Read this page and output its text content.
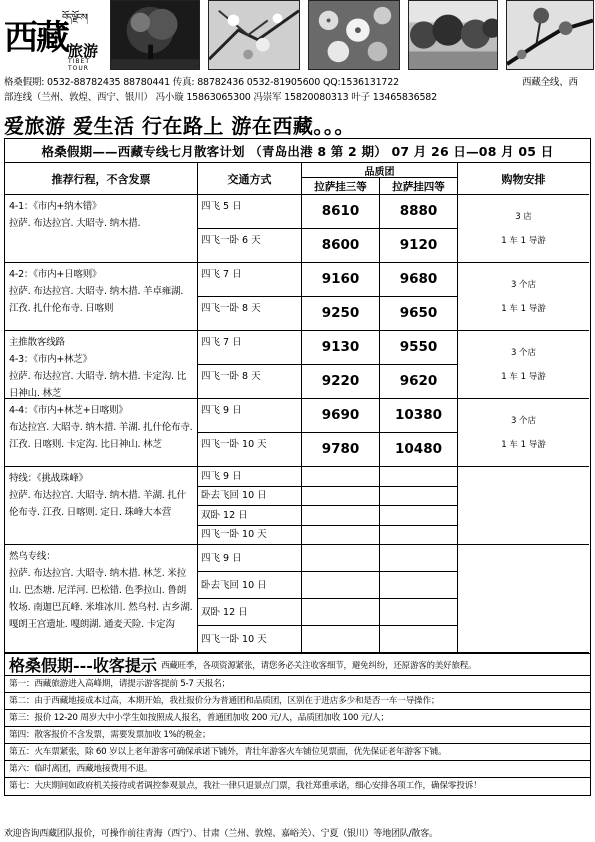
西藏
བོད་ལྗོངས།
旅游
TIBET TOUR
格桑假期: 0532-88782435 88780441 传真: 88782436 0532-81905600 QQ:1536131722	西藏全线、西
部连线（兰州、敦煌、西宁、银川） 冯小璇 15863065300 冯崇军 15820080313 叶子 13465836582
爱旅游 爱生活 行在路上 游在西藏。。。
格桑假期——西藏专线七月散客计划 （青岛出港 8 第 2 期） 07 月 26 日—08 月 05 日
推荐行程，不含发票	交通方式
品质团
拉萨挂三等	拉萨挂四等
购物安排
4-1：《市内+纳木错》
拉萨. 布达拉宫. 大昭寺. 纳木措.
四飞 5 日	8610	8880
四飞一卧 6 天	8600	9120
3 店
1 车 1 导游
4-2：《市内+日喀则》
拉萨. 布达拉宫. 大昭寺. 纳木措. 羊卓雍湖. 江孜. 扎什伦布寺. 日喀则
四飞 7 日	9160	9680
四飞一卧 8 天	9250	9650
3 个店
1 车 1 导游
主推散客线路
4-3：《市内+林芝》
拉萨. 布达拉宫. 大昭寺. 纳木措. 卡定沟. 比日神山. 林芝
四飞 7 日	9130	9550
四飞一卧 8 天	9220	9620
3 个店
1 车 1 导游
4-4：《市内+林芝+日喀则》
布达拉宫. 大昭寺. 纳木措. 羊湖. 扎什伦布寺. 江孜. 日喀则. 卡定沟. 比日神山. 林芝
四飞 9 日	9690	10380
四飞一卧 10 天	9780	10480
3 个店
1 车 1 导游
特线：《挑战珠峰》
拉萨. 布达拉宫. 大昭寺. 纳木措. 羊湖. 扎什伦布寺. 江孜. 日喀则. 定日. 珠峰大本营
四飞 9 日
卧去飞回 10 日
双卧 12 日
四飞一卧 10 天
然乌专线：
拉萨. 布达拉宫. 大昭寺. 纳木措. 林芝. 米拉山. 巴杰塘. 尼洋河. 巴松错. 色季拉山. 鲁朗牧场. 南迦巴瓦峰. 米堆冰川. 然乌村. 古乡湖. 嘎朗王宫遗址. 嘎朗湖. 通麦天险. 卡定沟
四飞 9 日
卧去飞回 10 日
双卧 12 日
四飞一卧 10 天
格桑假期---收客提示 西藏旺季，各项资源紧张，请您务必关注收客细节，避免纠纷，还原游客的美好旅程。
第一：西藏旅游进入高峰期，请提示游客提前 5-7 天报名；
第二：由于西藏地接成本过高，本期开始，我社报价分为普通团和品质团，区别在于进店多少和是否一车一导操作；
第三：报价 12-20 周岁大中小学生如按照成人报名，普通团加收 200 元/人，品质团加收 100 元/人；
第四：散客报价不含发票，需要发票加收 1%的税金；
第五：火车票紧张，除 60 岁以上老年游客可确保承诺下铺外，青壮年游客火车铺位见票面，优先保证老年游客下铺。
第六：临时离团，西藏地接费用不退。
第七：大庆期间如政府机关接待或者调控参观景点，我社一律只退景点门票，我社郑重承诺，细心安排各项工作，确保零投诉！
欢迎咨询西藏团队报价，可操作前往青海（西宁）、甘肃（兰州、敦煌、嘉峪关）、宁夏（银川）等地团队/散客。
